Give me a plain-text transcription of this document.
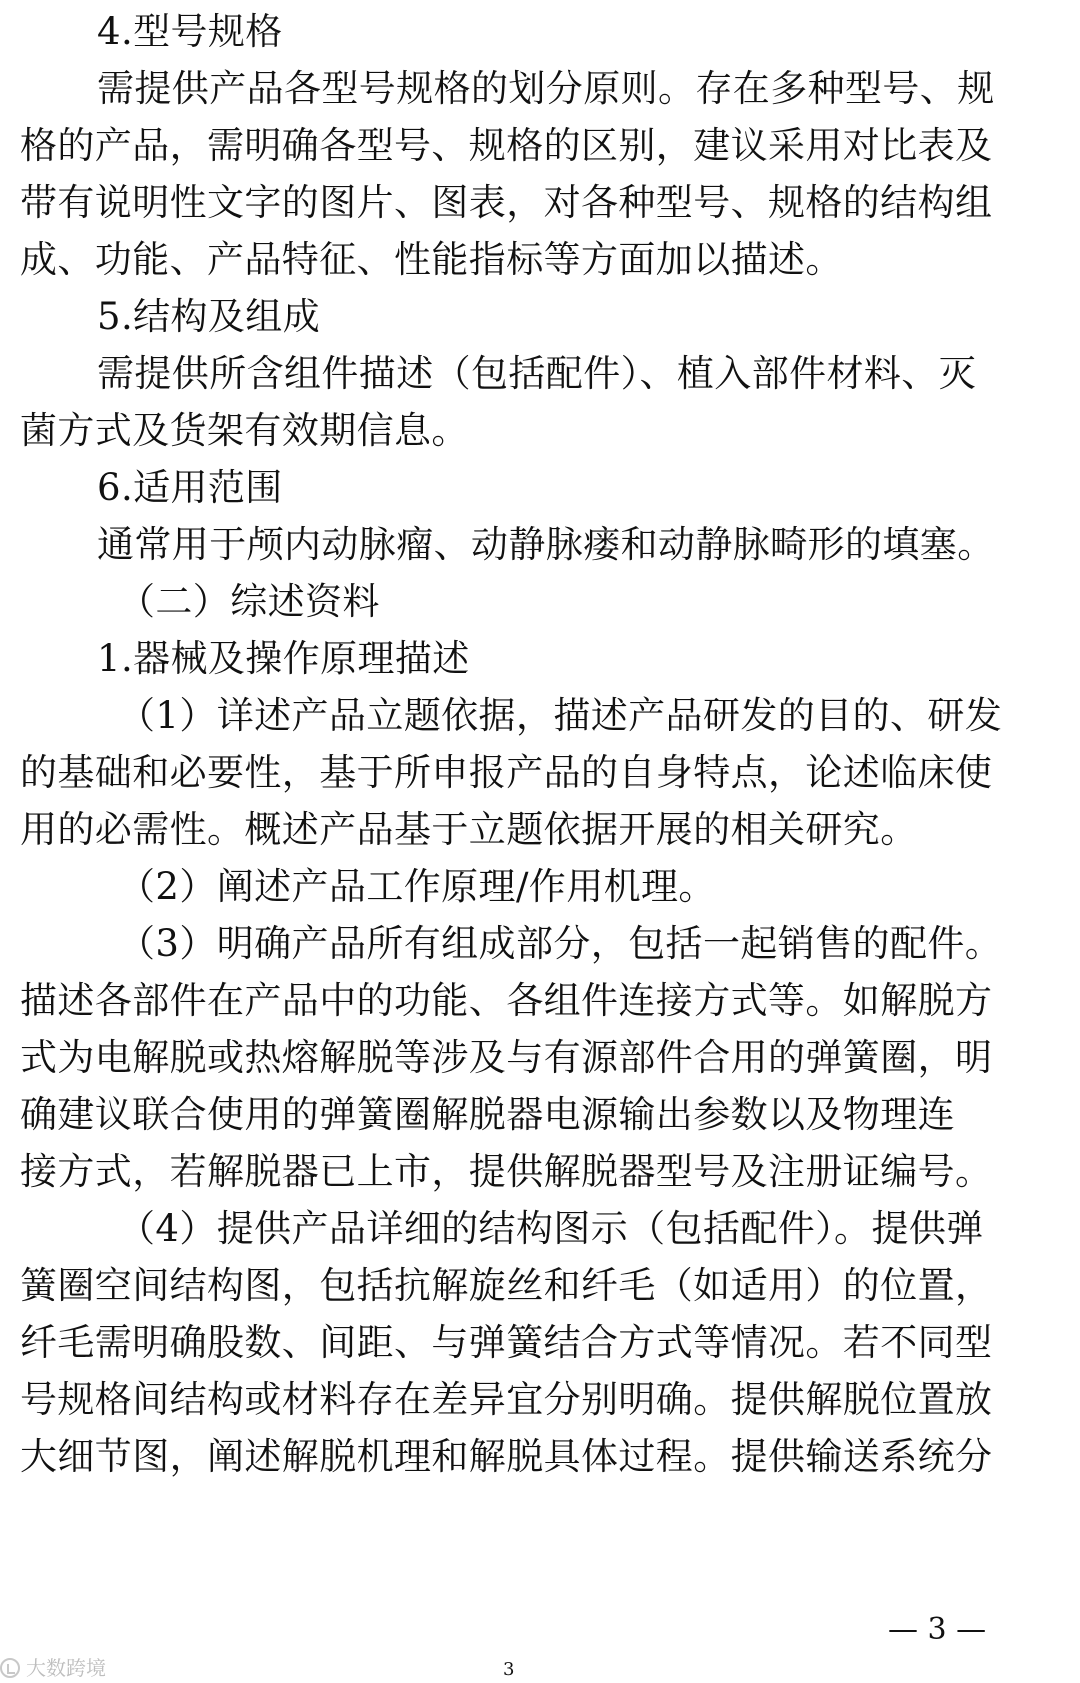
4.型号规格
需提供产品各型号规格的划分原则。存在多种型号、规
格的产品，需明确各型号、规格的区别，建议采用对比表及
带有说明性文字的图片、图表，对各种型号、规格的结构组
成、功能、产品特征、性能指标等方面加以描述。
5.结构及组成
需提供所含组件描述（包括配件）、植入部件材料、灭
菌方式及货架有效期信息。
6.适用范围
通常用于颅内动脉瘤、动静脉瘘和动静脉畸形的填塞。
（二）综述资料
1.器械及操作原理描述
（1）详述产品立题依据，描述产品研发的目的、研发
的基础和必要性，基于所申报产品的自身特点，论述临床使
用的必需性。概述产品基于立题依据开展的相关研究。
（2）阐述产品工作原理/作用机理。
（3）明确产品所有组成部分，包括一起销售的配件。
描述各部件在产品中的功能、各组件连接方式等。如解脱方
式为电解脱或热熔解脱等涉及与有源部件合用的弹簧圈，明
确建议联合使用的弹簧圈解脱器电源输出参数以及物理连
接方式，若解脱器已上市，提供解脱器型号及注册证编号。
（4）提供产品详细的结构图示（包括配件）。提供弹
簧圈空间结构图，包括抗解旋丝和纤毛（如适用）的位置，
纤毛需明确股数、间距、与弹簧结合方式等情况。若不同型
号规格间结构或材料存在差异宜分别明确。提供解脱位置放
大细节图，阐述解脱机理和解脱具体过程。提供输送系统分
— 3 —
3
大数跨境
